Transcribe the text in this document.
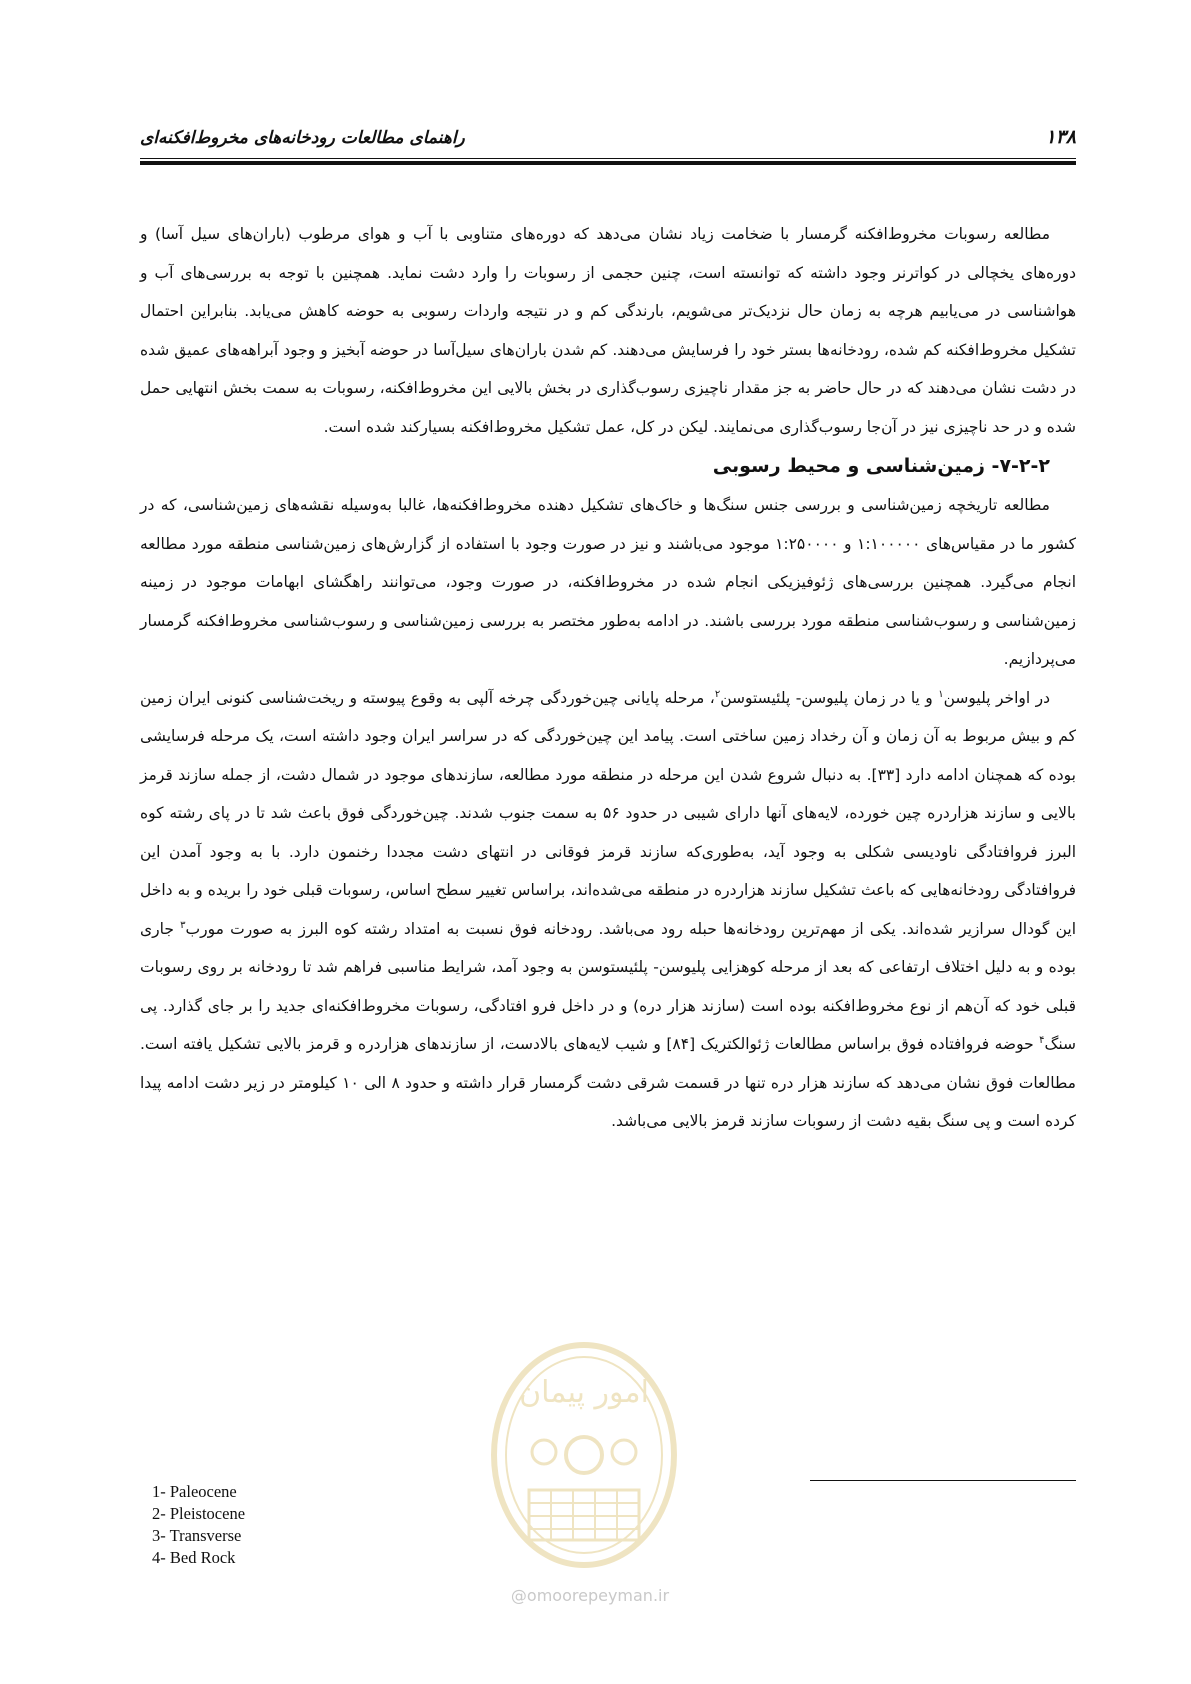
۱۳۸
راهنمای مطالعات رودخانه‌های مخروط‌افکنه‌ای

مطالعه رسوبات مخروط‌افکنه گرمسار با ضخامت زیاد نشان می‌دهد که دوره‌های متناوبی با آب و هوای مرطوب (باران‌های سیل آسا) و دوره‌های یخچالی در کواترنر وجود داشته که توانسته است، چنین حجمی از رسوبات را وارد دشت نماید. همچنین با توجه به بررسی‌های آب و هواشناسی در می‌یابیم هرچه به زمان حال نزدیک‌تر می‌شویم، بارندگی کم و در نتیجه واردات رسوبی به حوضه کاهش می‌یابد. بنابراین احتمال تشکیل مخروط‌افکنه کم شده، رودخانه‌ها بستر خود را فرسایش می‌دهند. کم شدن باران‌های سیل‌آسا در حوضه آبخیز و وجود آبراهه‌های عمیق شده در دشت نشان می‌دهند که در حال حاضر به جز مقدار ناچیزی رسوب‌گذاری در بخش بالایی این مخروط‌افکنه، رسوبات به سمت بخش انتهایی حمل شده و در حد ناچیزی نیز در آن‌جا رسوب‌گذاری می‌نمایند. لیکن در کل، عمل تشکیل مخروط‌افکنه بسیارکند شده است.

۷-۲-۲- زمین‌شناسی و محیط رسوبی

مطالعه تاریخچه زمین‌شناسی و بررسی جنس سنگ‌ها و خاک‌های تشکیل دهنده مخروط‌افکنه‌ها، غالبا به‌وسیله نقشه‌های زمین‌شناسی، که در کشور ما در مقیاس‌های ۱:۱۰۰۰۰۰ و ۱:۲۵۰۰۰۰ موجود می‌باشند و نیز در صورت وجود با استفاده از گزارش‌های زمین‌شناسی منطقه مورد مطالعه انجام می‌گیرد. همچنین بررسی‌های ژئوفیزیکی انجام شده در مخروط‌افکنه، در صورت وجود، می‌توانند راهگشای ابهامات موجود در زمینه زمین‌شناسی و رسوب‌شناسی منطقه مورد بررسی باشند. در ادامه به‌طور مختصر به بررسی زمین‌شناسی و رسوب‌شناسی مخروط‌افکنه گرمسار می‌پردازیم.

در اواخر پلیوسن$^۱$ و یا در زمان پلیوسن- پلئیستوسن$^۲$، مرحله پایانی چین‌خوردگی چرخه آلپی به وقوع پیوسته و ریخت‌شناسی کنونی ایران زمین کم و بیش مربوط به آن زمان و آن رخداد زمین ساختی است. پیامد این چین‌خوردگی که در سراسر ایران وجود داشته است، یک مرحله فرسایشی بوده که همچنان ادامه دارد [۳۳]. به دنبال شروع شدن این مرحله در منطقه مورد مطالعه، سازندهای موجود در شمال دشت، از جمله سازند قرمز بالایی و سازند هزاردره چین خورده، لایه‌های آنها دارای شیبی در حدود ۵۶ به سمت جنوب شدند. چین‌خوردگی فوق باعث شد تا در پای رشته کوه البرز فروافتادگی ناودیسی شکلی به وجود آید، به‌طوری‌که سازند قرمز فوقانی در انتهای دشت مجددا رخنمون دارد. با به وجود آمدن این فروافتادگی رودخانه‌هایی که باعث تشکیل سازند هزاردره در منطقه می‌شده‌اند، براساس تغییر سطح اساس، رسوبات قبلی خود را بریده و به داخل این گودال سرازیر شده‌اند. یکی از مهم‌ترین رودخانه‌ها حبله رود می‌باشد. رودخانه فوق نسبت به امتداد رشته کوه البرز به صورت مورب$^۳$ جاری بوده و به دلیل اختلاف ارتفاعی که بعد از مرحله کوهزایی پلیوسن- پلئیستوسن به وجود آمد، شرایط مناسبی فراهم شد تا رودخانه بر روی رسوبات قبلی خود که آن‌هم از نوع مخروط‌افکنه بوده است (سازند هزار دره) و در داخل فرو افتادگی، رسوبات مخروط‌افکنه‌ای جدید را بر جای گذارد. پی سنگ$^۴$ حوضه فروافتاده فوق براساس مطالعات ژئوالکتریک [۸۴] و شیب لایه‌های بالادست، از سازندهای هزاردره و قرمز بالایی تشکیل یافته است. مطالعات فوق نشان می‌دهد که سازند هزار دره تنها در قسمت شرقی دشت گرمسار قرار داشته و حدود ۸ الی ۱۰ کیلومتر در زیر دشت ادامه پیدا کرده است و پی سنگ بقیه دشت از رسوبات سازند قرمز بالایی می‌باشد.

امور پیمان
@omoorepeyman.ir
1- Paleocene
2- Pleistocene
3- Transverse
4- Bed Rock
